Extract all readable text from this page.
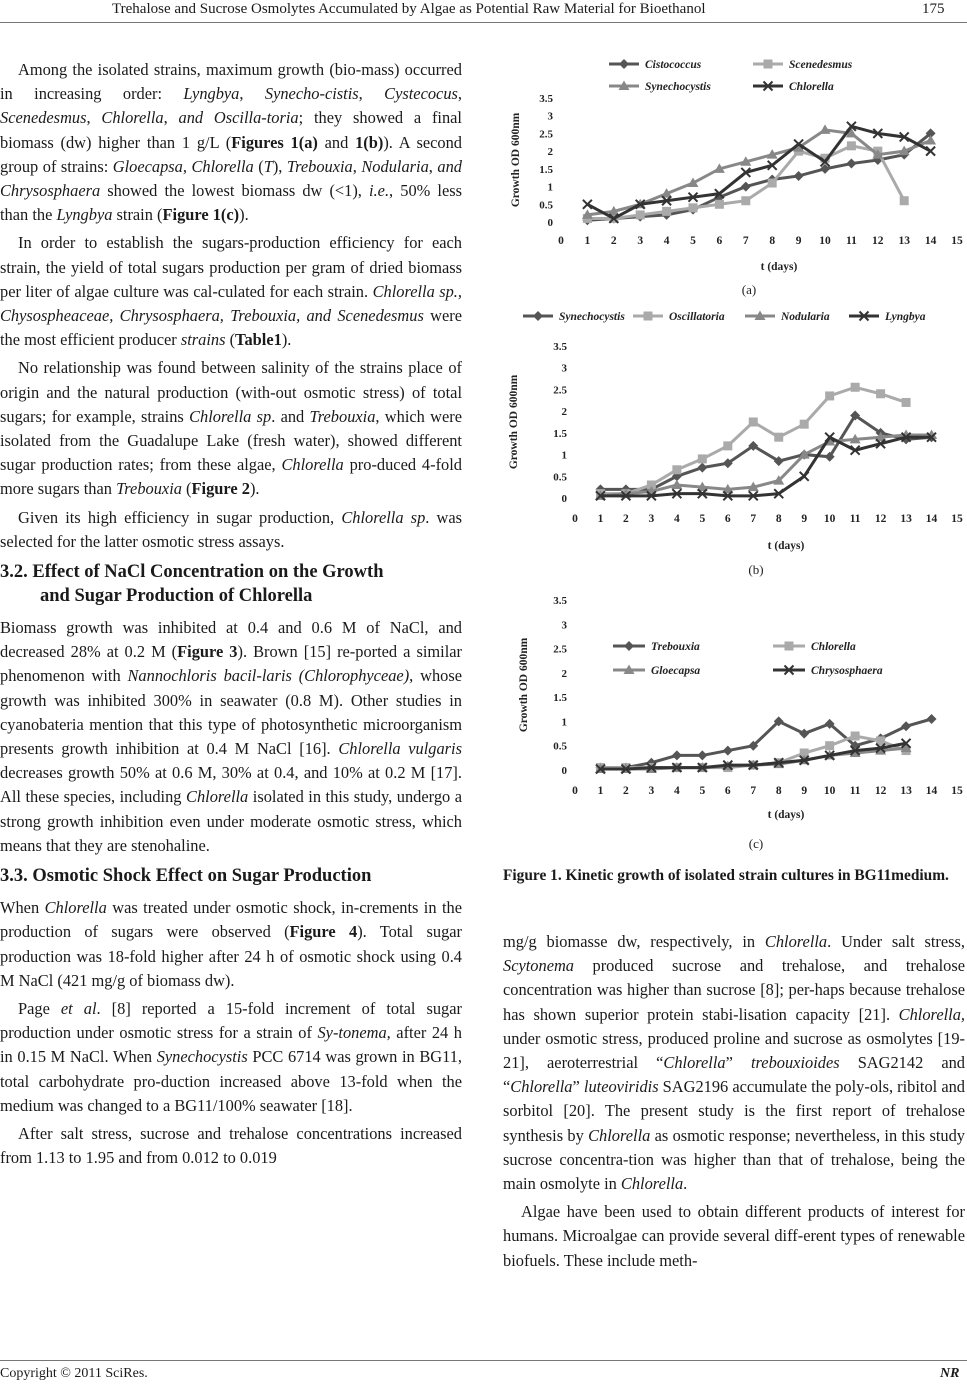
Trehalose and Sucrose Osmolytes Accumulated by Algae as Potential Raw Material for Bioethanol	175

Among the isolated strains, maximum growth (bio-mass) occurred in increasing order: Lyngbya, Synecho-cistis, Cystecocus, Scenedesmus, Chlorella, and Oscilla-toria; they showed a final biomass (dw) higher than 1 g/L (Figures 1(a) and 1(b)). A second group of strains: Gloecapsa, Chlorella (T), Trebouxia, Nodularia, and Chrysosphaera showed the lowest biomass dw (<1), i.e., 50% less than the Lyngbya strain (Figure 1(c)).

In order to establish the sugars-production efficiency for each strain, the yield of total sugars production per gram of dried biomass per liter of algae culture was cal-culated for each strain. Chlorella sp., Chysospheaceae, Chrysosphaera, Trebouxia, and Scenedesmus were the most efficient producer strains (Table1).

No relationship was found between salinity of the strains place of origin and the natural production (with-out osmotic stress) of total sugars; for example, strains Chlorella sp. and Trebouxia, which were isolated from the Guadalupe Lake (fresh water), showed different sugar production rates; from these algae, Chlorella pro-duced 4-fold more sugars than Trebouxia (Figure 2).

Given its high efficiency in sugar production, Chlorella sp. was selected for the latter osmotic stress assays.

3.2. Effect of NaCl Concentration on the Growth
and Sugar Production of Chlorella

Biomass growth was inhibited at 0.4 and 0.6 M of NaCl, and decreased 28% at 0.2 M (Figure 3). Brown [15] re-ported a similar phenomenon with Nannochloris bacil-laris (Chlorophyceae), whose growth was inhibited 300% in seawater (0.8 M). Other studies in cyanobateria mention that this type of photosynthetic microorganism presents growth inhibition at 0.4 M NaCl [16]. Chlorella vulgaris decreases growth 50% at 0.6 M, 30% at 0.4, and 10% at 0.2 M [17]. All these species, including Chlorella isolated in this study, undergo a strong growth inhibition even under moderate osmotic stress, which means that they are stenohaline.

3.3. Osmotic Shock Effect on Sugar Production

When Chlorella was treated under osmotic shock, in-crements in the production of sugars were observed (Figure 4). Total sugar production was 18-fold higher after 24 h of osmotic shock using 0.4 M NaCl (421 mg/g of biomass dw).

Page et al. [8] reported a 15-fold increment of total sugar production under osmotic stress for a strain of Sy-tonema, after 24 h in 0.15 M NaCl. When Synechocystis PCC 6714 was grown in BG11, total carbohydrate pro-duction increased above 13-fold when the medium was changed to a BG11/100% seawater [18].

After salt stress, sucrose and trehalose concentrations increased from 1.13 to 1.95 and from 0.012 to 0.019

0
0.5
1
1.5
2
2.5
3
3.5
0 1 2 3 4 5 6 7 8 9 10 11 12 13 14 15
t (days)
Growth OD 600nm
(a)
Cistococcus	Scenedesmus
Synechocystis	Chlorella
0
0.5
1
1.5
2
2.5
3
3.5
0 1 2 3 4 5 6 7 8 9 10 11 12 13 14 15
t (days)
Growth OD 600nm
(b)
Synechocystis	Oscillatoria	Nodularia	Lyngbya
0
0.5
1
1.5
2
2.5
3
3.5
0 1 2 3 4 5 6 7 8 9 10 11 12 13 14 15
t (days)
Growth OD 600nm
(c)
Trebouxia	Chlorella
Gloecapsa	Chrysosphaera
Figure 1. Kinetic growth of isolated strain cultures in BG11medium.

mg/g biomasse dw, respectively, in Chlorella. Under salt stress, Scytonema produced sucrose and trehalose, and trehalose concentration was higher than sucrose [8]; per-haps because trehalose has shown superior protein stabi-lisation capacity [21]. Chlorella, under osmotic stress, produced proline and sucrose as osmolytes [19-21], aeroterrestrial “Chlorella” trebouxioides SAG2142 and “Chlorella” luteoviridis SAG2196 accumulate the poly-ols, ribitol and sorbitol [20]. The present study is the first report of trehalose synthesis by Chlorella as osmotic response; nevertheless, in this study sucrose concentra-tion was higher than that of trehalose, being the main osmolyte in Chlorella.

Algae have been used to obtain different products of interest for humans. Microalgae can provide several diff-erent types of renewable biofuels. These include meth-

Copyright © 2011 SciRes.	NR
